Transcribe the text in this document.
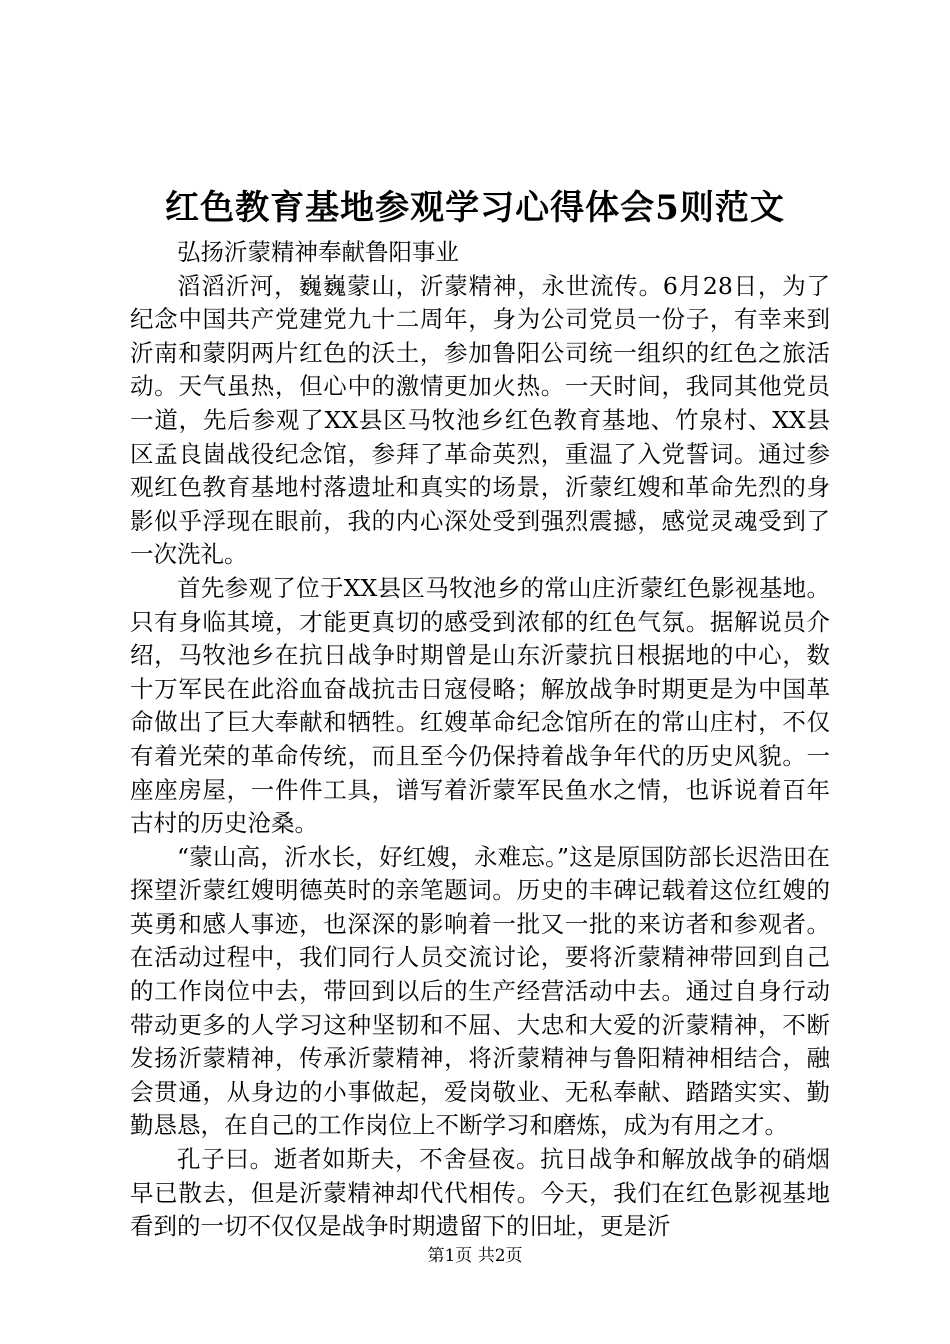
红色教育基地参观学习心得体会5则范文

弘扬沂蒙精神奉献鲁阳事业

滔滔沂河，巍巍蒙山，沂蒙精神，永世流传。6月28日，为了纪念中国共产党建党九十二周年，身为公司党员一份子，有幸来到沂南和蒙阴两片红色的沃土，参加鲁阳公司统一组织的红色之旅活动。天气虽热，但心中的激情更加火热。一天时间，我同其他党员一道，先后参观了XX县区马牧池乡红色教育基地、竹泉村、XX县区孟良崮战役纪念馆，参拜了革命英烈，重温了入党誓词。通过参观红色教育基地村落遗址和真实的场景，沂蒙红嫂和革命先烈的身影似乎浮现在眼前，我的内心深处受到强烈震撼，感觉灵魂受到了一次洗礼。

首先参观了位于XX县区马牧池乡的常山庄沂蒙红色影视基地。只有身临其境，才能更真切的感受到浓郁的红色气氛。据解说员介绍，马牧池乡在抗日战争时期曾是山东沂蒙抗日根据地的中心，数十万军民在此浴血奋战抗击日寇侵略；解放战争时期更是为中国革命做出了巨大奉献和牺牲。红嫂革命纪念馆所在的常山庄村，不仅有着光荣的革命传统，而且至今仍保持着战争年代的历史风貌。一座座房屋，一件件工具，谱写着沂蒙军民鱼水之情，也诉说着百年古村的历史沧桑。

“蒙山高，沂水长，好红嫂，永难忘。”这是原国防部长迟浩田在探望沂蒙红嫂明德英时的亲笔题词。历史的丰碑记载着这位红嫂的英勇和感人事迹，也深深的影响着一批又一批的来访者和参观者。在活动过程中，我们同行人员交流讨论，要将沂蒙精神带回到自己的工作岗位中去，带回到以后的生产经营活动中去。通过自身行动带动更多的人学习这种坚韧和不屈、大忠和大爱的沂蒙精神，不断发扬沂蒙精神，传承沂蒙精神，将沂蒙精神与鲁阳精神相结合，融会贯通，从身边的小事做起，爱岗敬业、无私奉献、踏踏实实、勤勤恳恳，在自己的工作岗位上不断学习和磨炼，成为有用之才。

孔子曰。逝者如斯夫，不舍昼夜。抗日战争和解放战争的硝烟早已散去，但是沂蒙精神却代代相传。今天，我们在红色影视基地看到的一切不仅仅是战争时期遗留下的旧址，更是沂

第1页 共2页
